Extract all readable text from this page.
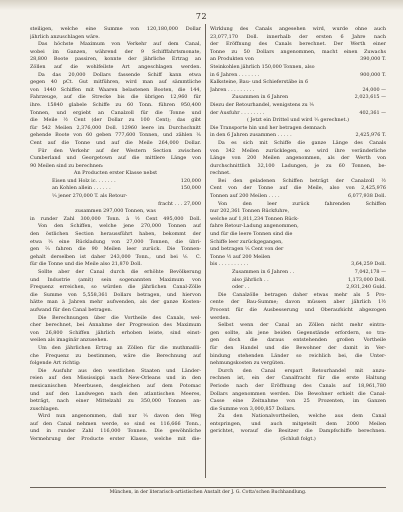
72
steiligen, welche eine Summe von 120,180,000 Dollar
jährlich anzuschlagen wäre.
Das höchste Maximum von Verkehr auf dem Canal,
wobei im Ganzen, während der 9 Schifffahrtsmonate,
28,800 Boote passiren, konnte der jährliche Ertrag an
Zöllen auf die wohlfeilste Art angeschlagen werden.
Da das 20,000 Dollars fassende Schiff kann etwa
gegen 40 pCt. Gut mitführen, wird man auf sämmtliche
von 1440 Schiffen mit Waaren belastenen Booten, die 144,
Fahrzeuge, auf die Strecke bis die übrigen 12,960 für
ihre. 15840 glabele Schiffe zu 60 Tonn. führen 950,400
Tonnen, und ergiebt an Canalzoll für die Tonne und
die Meile ½ Cent (der Dollar zu 100 Cent); das gibt
für 542 Meilen 2,376,000 Doll. 12960 leere im Durchschnitt
gehende Boote von 60 geben 777,600 Tonnen, und zählen ⅙
Cent auf die Tonne und auf die Meile 264,000 Dollar.
Für den Verkehr auf der Western Section zwischen
Cumberland und Georgetown auf die mittlere Länge von
90 Meilen sind zu berechnen:
An Producten erster Klasse nebst
Eisen und Holz ic. . . . . . .	120,000
an Kohlen allein . . . . . .	150,000
⅓ jener 270,000 T. als Retour-
fracht . . . 27,000
zusammen 297,000 Tonnen, was
in runder Zahl 300,000 Tonn. à ½ Cent 495,000 Doll.
Von den Schiffen, welche jene 270,000 Tonnen auf
den östlichen Section heraussführt haben, bekommt der
etwa ⅓ eine Rückladung von 27,000 Tonnen, die übri-
gen ⅔ fahren die 90 Meilen leer zurück. Die Tonnen-
gehalt derselben ist daher 243,000 Tonn., und bei ⅙ C.
für die Tonne und die Meile also 21,870 Doll.
Sollte aber der Canal durch die erhöhte Bevölkerung
und Industrie (amit) sein sogenannten Maximum von
Frequenz erreichen, so würden die jährlichen Canal-Zölle
die Summe von 5,558,361 Dollars betragen, und hiervon
hätte man à Jahren mehr aufwenden, als der ganze Kosten-
aufwand für den Canal betragen.
Die Berechnungen über die Vortheile des Canals, wel-
cher berechnet, bei Annahme der Progression des Maximum
von 26,800 Schiffen jährlich erhoben leiste, sind einst-
weilen als imaginär anzusehen.
Um den jährlichen Ertrag an Zöllen für die muthmaßli-
che Frequenz zu bestimmen, wäre die Berechnung auf
folgende Art richtig:
Die Ausfuhr aus den westlichen Staaten und Länder-
reien auf den Mississippi nach New-Orleans und in den
mexicanischen Meerbusen, desgleichen auf dem Potomac
und auf den Landwegen nach den atlantischen Meeres,
beträgt, nach einer Mittelzahl zu 350,000 Tonnen an-
zuschlagen.
Wird nun angenommen, daß nur ⅓ davon den Weg
auf den Canal nehmen werde, so sind es 116,666 Tonn.,
und in runder Zahl 116,000 Tonnen. Die gewöhnliche
Vermehrung der Producte erster Klasse, welche mit die-
Wirklung des Canals angesehen wird, wurde ohne auch
23,077,170 Doll. innerhalb der ersten 6 Jahre nach
der Eröffnung des Canals berechnet. Der Werth einer
Tonne zu 50 Dollars angenommen, macht einen Zuwachs
an Produkten von	390,000 T.
Steinkohlen jährlich 150,000 Tonnen, also
in 6 Jahren . . . . . . .	900,000 T.
Kalksteine, Bau- und Schieferstäbe in 6
Jahren . . . . . . . . .	24,000 —
Zusammen in 6 Jahren	2,023,615 —
Diezu der Retourhandel, wenigstens zu ⅕
der Ausfuhr . . . . . . . .	402,361 —
( Jetzt ein Drittel und wird ⅓ gerechnet.)
Die Transporte hin und her betragen demnach
in den 6 Jahren zusammen . . . . .	2,425,976 T.
Da es sich mit Schiffe die ganze Länge des Canals
von 342 Meilen zurücklegen, so wird ihre veränderliche
Länge von 200 Meilen angenommen, als der Werth von
durchschnittlich 32,100 Ladungen, je zu 60 Tonnen, be-
rechnet.
Bei den geladenen Schiffen beträgt der Canalzoll ½
Cent von der Tonne auf die Meile, also von 2,425,976
Tonnen auf 200 Meilen . . . .	6,077,938 Doll.
Von den leer zurück fahrenden Schiffen
nur 202,361 Tonnen Rückfuhre,
welche auf 1,811,234 Tonnen Rück-
fahre Retour-Ladung angenommen,
und für die leere Tonnen sind die
Schiffe leer zurückgegangen,
und betragen ⅙ Cent von der
Tonne ½ auf 200 Meilen
bis . . . . . . . . . .	3,64,259 Doll.
Zusammen in 6 Jahren . .	7,042,178 —
also jährlich . .	1,173,000 Doll.
oder . .	2,931,240 Guld.
Die Canalzölle betragen daher etwas mehr als 5 Pro-
cente der Bau-Summe; davon müssen aber jährlich 1½
Procent für die Ausbesserung und Oberaufsicht abgezogen
werden.
Selbst wenn der Canal an Zöllen nicht mehr eintra-
gen sollte, als jene beiden Gegenstände erfordern, so tra-
gen doch die daraus entstehenden großen Vortheile
für den Handel und die Bewohner der damit in Ver-
bindung stehenden Länder so reichlich bei, die Unter-
nehmungskosten zu vergüten.
Durch den Canal erspart Retourhandel mit anzu-
rechnen ist, ein der Canalfracht für die erste Haltung
Periode nach der Eröffnung des Canals auf 18,961,780
Dollars angenommen werden. Die Bewohner erhielt die Canal-
Casse eine Zeitnahme von 25 Prozenten, im Ganzen
die Summe von 3,000,857 Dollars.
Zu den Nationalvortheilen, welche aus dem Canal
entspringen, und auch mitgeteilt dem 2000 Meilen
gerichtet, worauf die Besitzer die Dampfschiffe berechnen.
(Schluß folgt.)
München, in der literarisch-artistischen Anstalt der J. G. Cotta'schen Buchhandlung.
